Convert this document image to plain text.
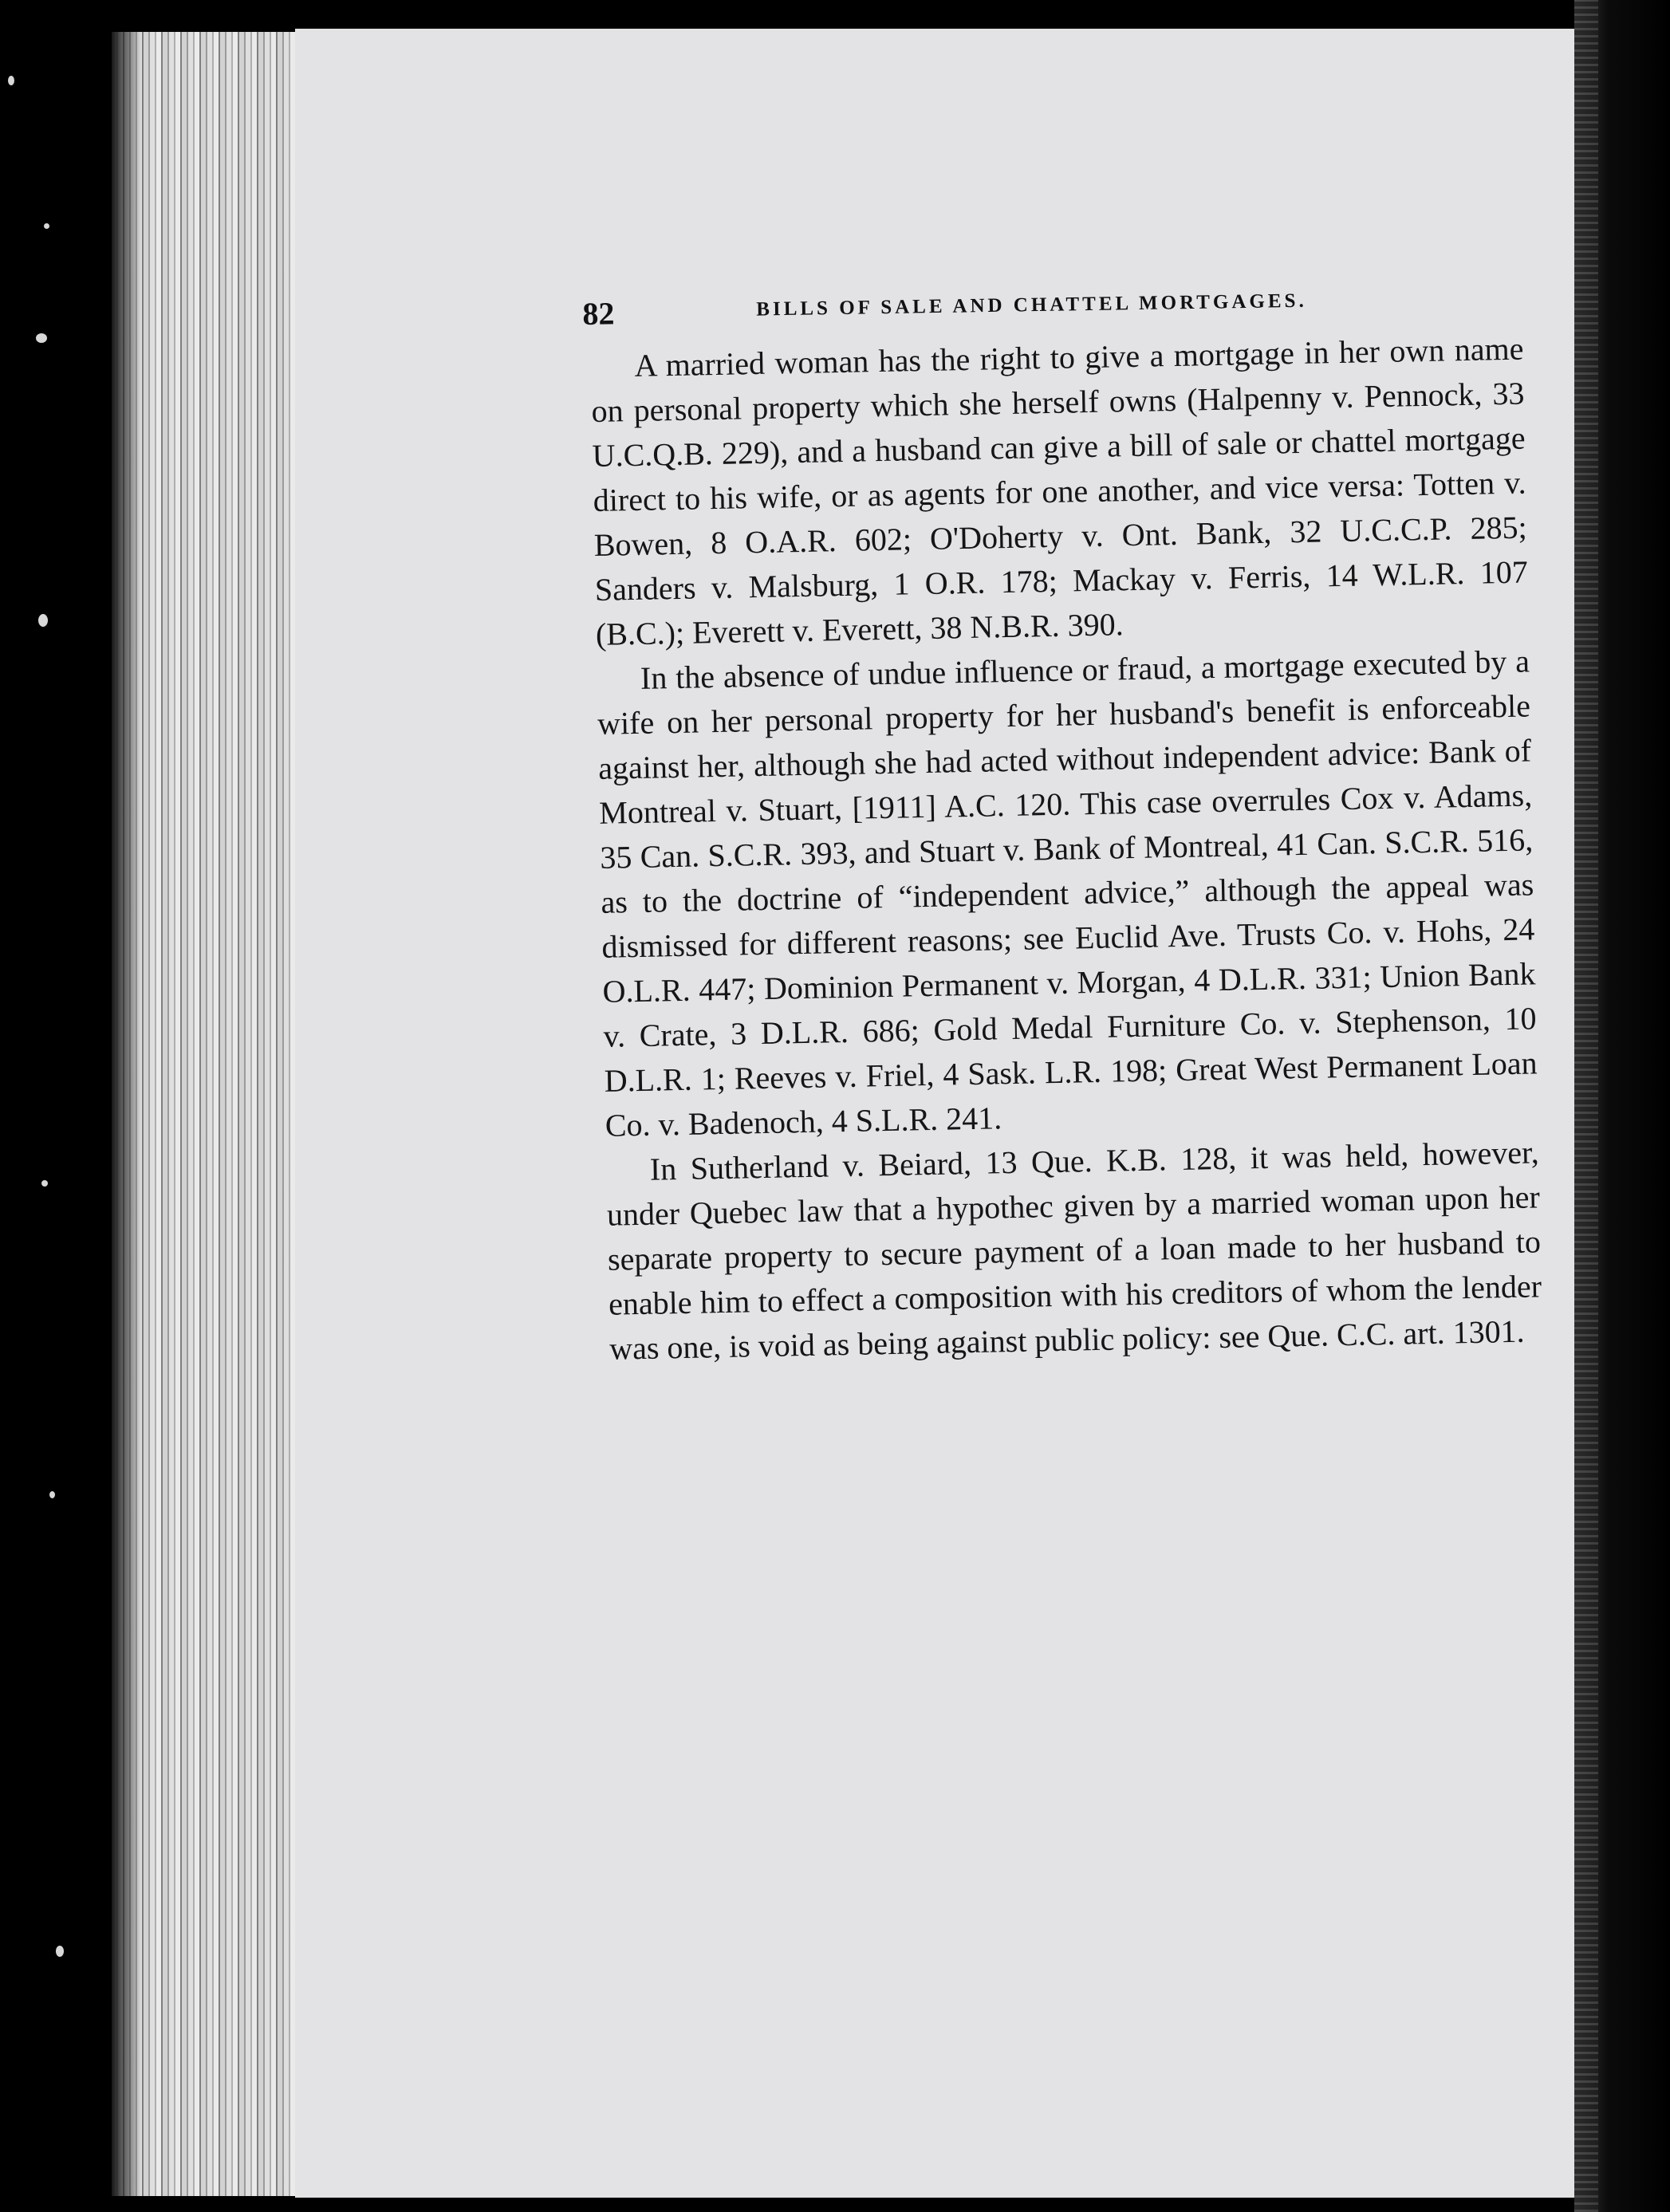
82	BILLS OF SALE AND CHATTEL MORTGAGES.

A married woman has the right to give a mortgage in her own name on personal property which she herself owns (Halpenny v. Pennock, 33 U.C.Q.B. 229), and a husband can give a bill of sale or chattel mortgage direct to his wife, or as agents for one another, and vice versa: Totten v. Bowen, 8 O.A.R. 602; O'Doherty v. Ont. Bank, 32 U.C.C.P. 285; Sanders v. Malsburg, 1 O.R. 178; Mackay v. Ferris, 14 W.L.R. 107 (B.C.); Everett v. Everett, 38 N.B.R. 390.

In the absence of undue influence or fraud, a mortgage executed by a wife on her personal property for her husband's benefit is enforceable against her, although she had acted without independent advice: Bank of Montreal v. Stuart, [1911] A.C. 120. This case overrules Cox v. Adams, 35 Can. S.C.R. 393, and Stuart v. Bank of Montreal, 41 Can. S.C.R. 516, as to the doctrine of “independent advice,” although the appeal was dismissed for different reasons; see Euclid Ave. Trusts Co. v. Hohs, 24 O.L.R. 447; Dominion Permanent v. Morgan, 4 D.L.R. 331; Union Bank v. Crate, 3 D.L.R. 686; Gold Medal Furniture Co. v. Stephenson, 10 D.L.R. 1; Reeves v. Friel, 4 Sask. L.R. 198; Great West Permanent Loan Co. v. Badenoch, 4 S.L.R. 241.

In Sutherland v. Beiard, 13 Que. K.B. 128, it was held, however, under Quebec law that a hypothec given by a married woman upon her separate property to secure payment of a loan made to her husband to enable him to effect a composition with his creditors of whom the lender was one, is void as being against public policy: see Que. C.C. art. 1301.
